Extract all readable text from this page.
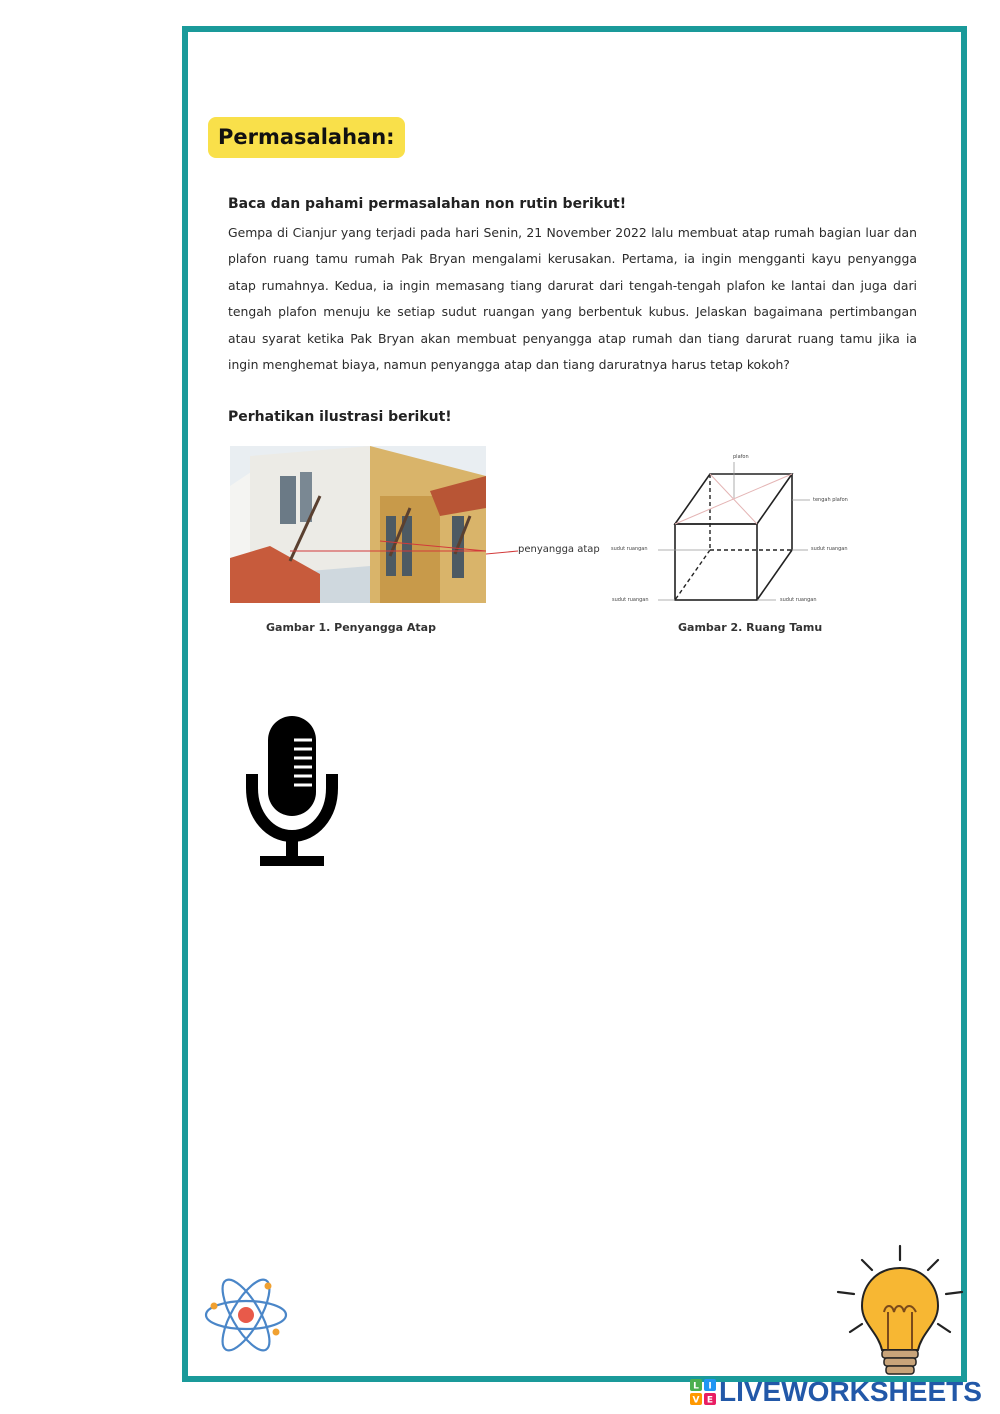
Permasalahan:
Baca dan pahami permasalahan non rutin berikut!
Gempa di Cianjur yang terjadi pada hari Senin, 21 November 2022 lalu membuat atap rumah bagian luar dan plafon ruang tamu rumah Pak Bryan mengalami kerusakan. Pertama, ia ingin mengganti kayu penyangga atap rumahnya. Kedua, ia ingin memasang tiang darurat dari tengah-tengah plafon ke lantai dan juga dari tengah plafon menuju ke setiap sudut ruangan yang berbentuk kubus. Jelaskan bagaimana pertimbangan atau syarat ketika Pak Bryan akan membuat penyangga atap rumah dan tiang darurat ruang tamu jika ia ingin menghemat biaya, namun penyangga atap dan tiang daruratnya harus tetap kokoh?
Perhatikan ilustrasi berikut!
penyangga atap
Gambar 1. Penyangga Atap
plafon
tengah plafon
sudut ruangan	sudut ruangan
sudut ruangan	sudut ruangan
Gambar 2. Ruang Tamu
L I
V E LIVEWORKSHEETS
